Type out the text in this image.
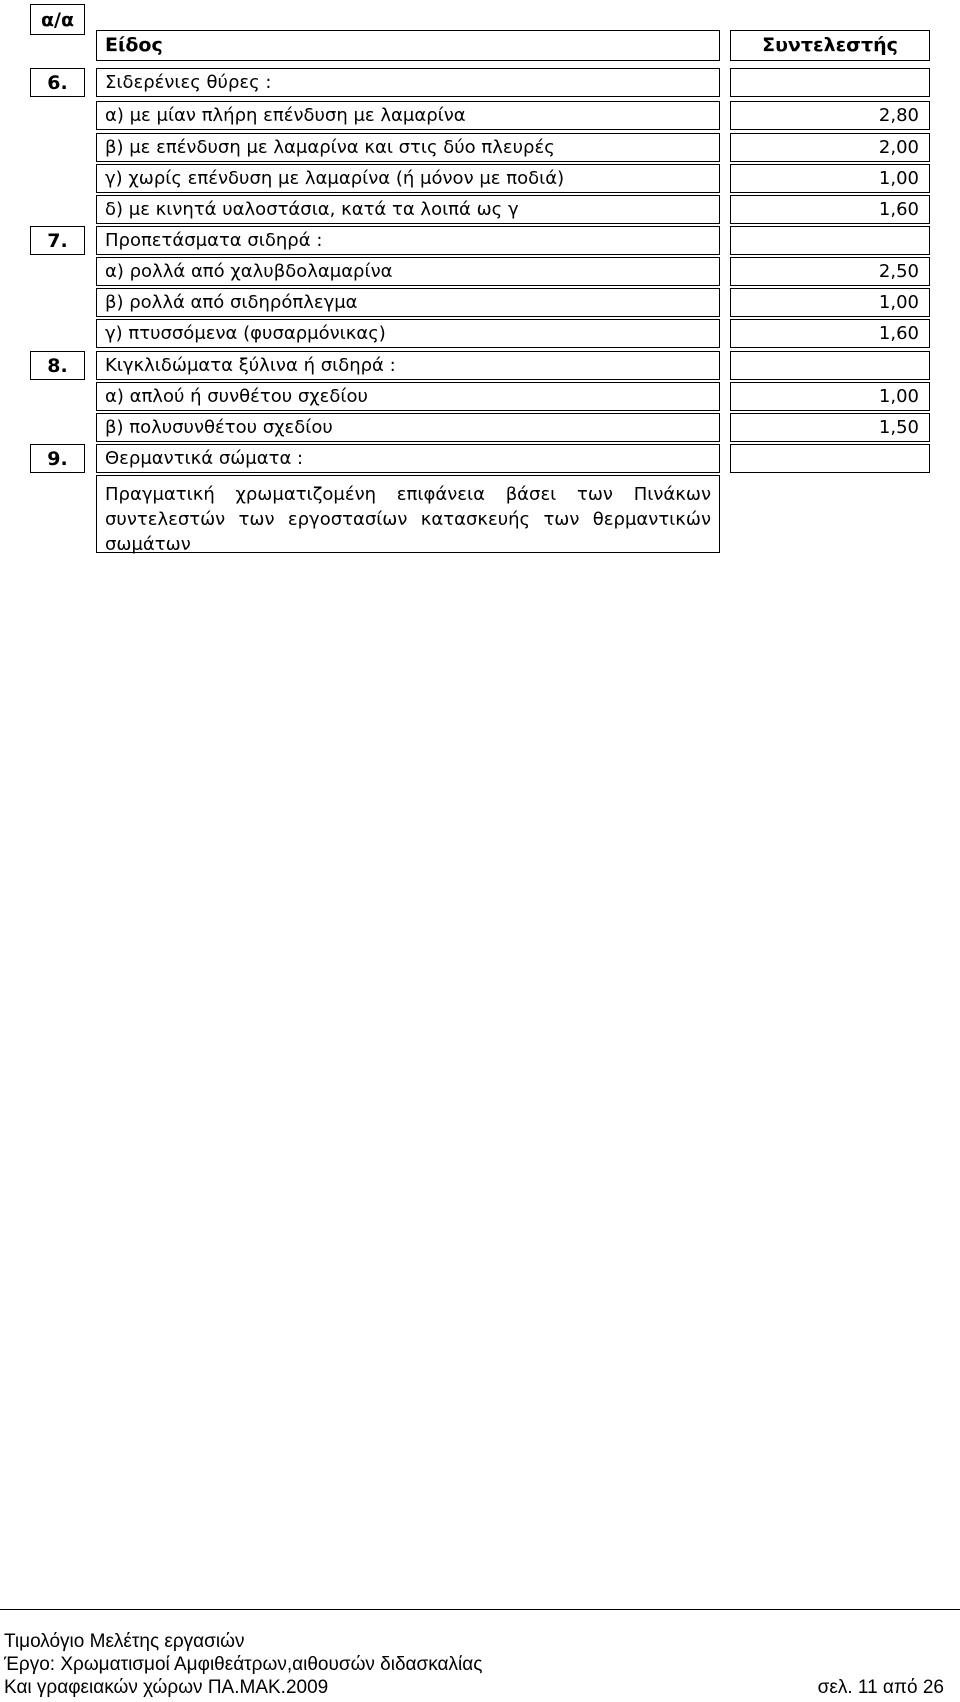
α/α
Είδος	Συντελεστής
6.	Σιδερένιες θύρες :
α) με μίαν πλήρη επένδυση με λαμαρίνα	2,80
β) με επένδυση με λαμαρίνα και στις δύο πλευρές	2,00
γ) χωρίς επένδυση με λαμαρίνα (ή μόνον με ποδιά)	1,00
δ) με κινητά υαλοστάσια, κατά τα λοιπά ως γ	1,60
7.	Προπετάσματα σιδηρά :
α) ρολλά από χαλυβδολαμαρίνα	2,50
β) ρολλά από σιδηρόπλεγμα	1,00
γ) πτυσσόμενα (φυσαρμόνικας)	1,60
8.	Κιγκλιδώματα ξύλινα ή σιδηρά :
α) απλού ή συνθέτου σχεδίου	1,00
β) πολυσυνθέτου σχεδίου	1,50
9.	Θερμαντικά σώματα :
Πραγματική χρωματιζομένη επιφάνεια βάσει των Πινάκων συντελεστών των εργοστασίων κατασκευής των θερμαντικών σωμάτων
Τιμολόγιο Μελέτης εργασιών
Έργο: Χρωματισμοί Αμφιθεάτρων,αιθουσών διδασκαλίας
Και γραφειακών χώρων ΠΑ.ΜΑΚ.2009	σελ. 11 από 26
